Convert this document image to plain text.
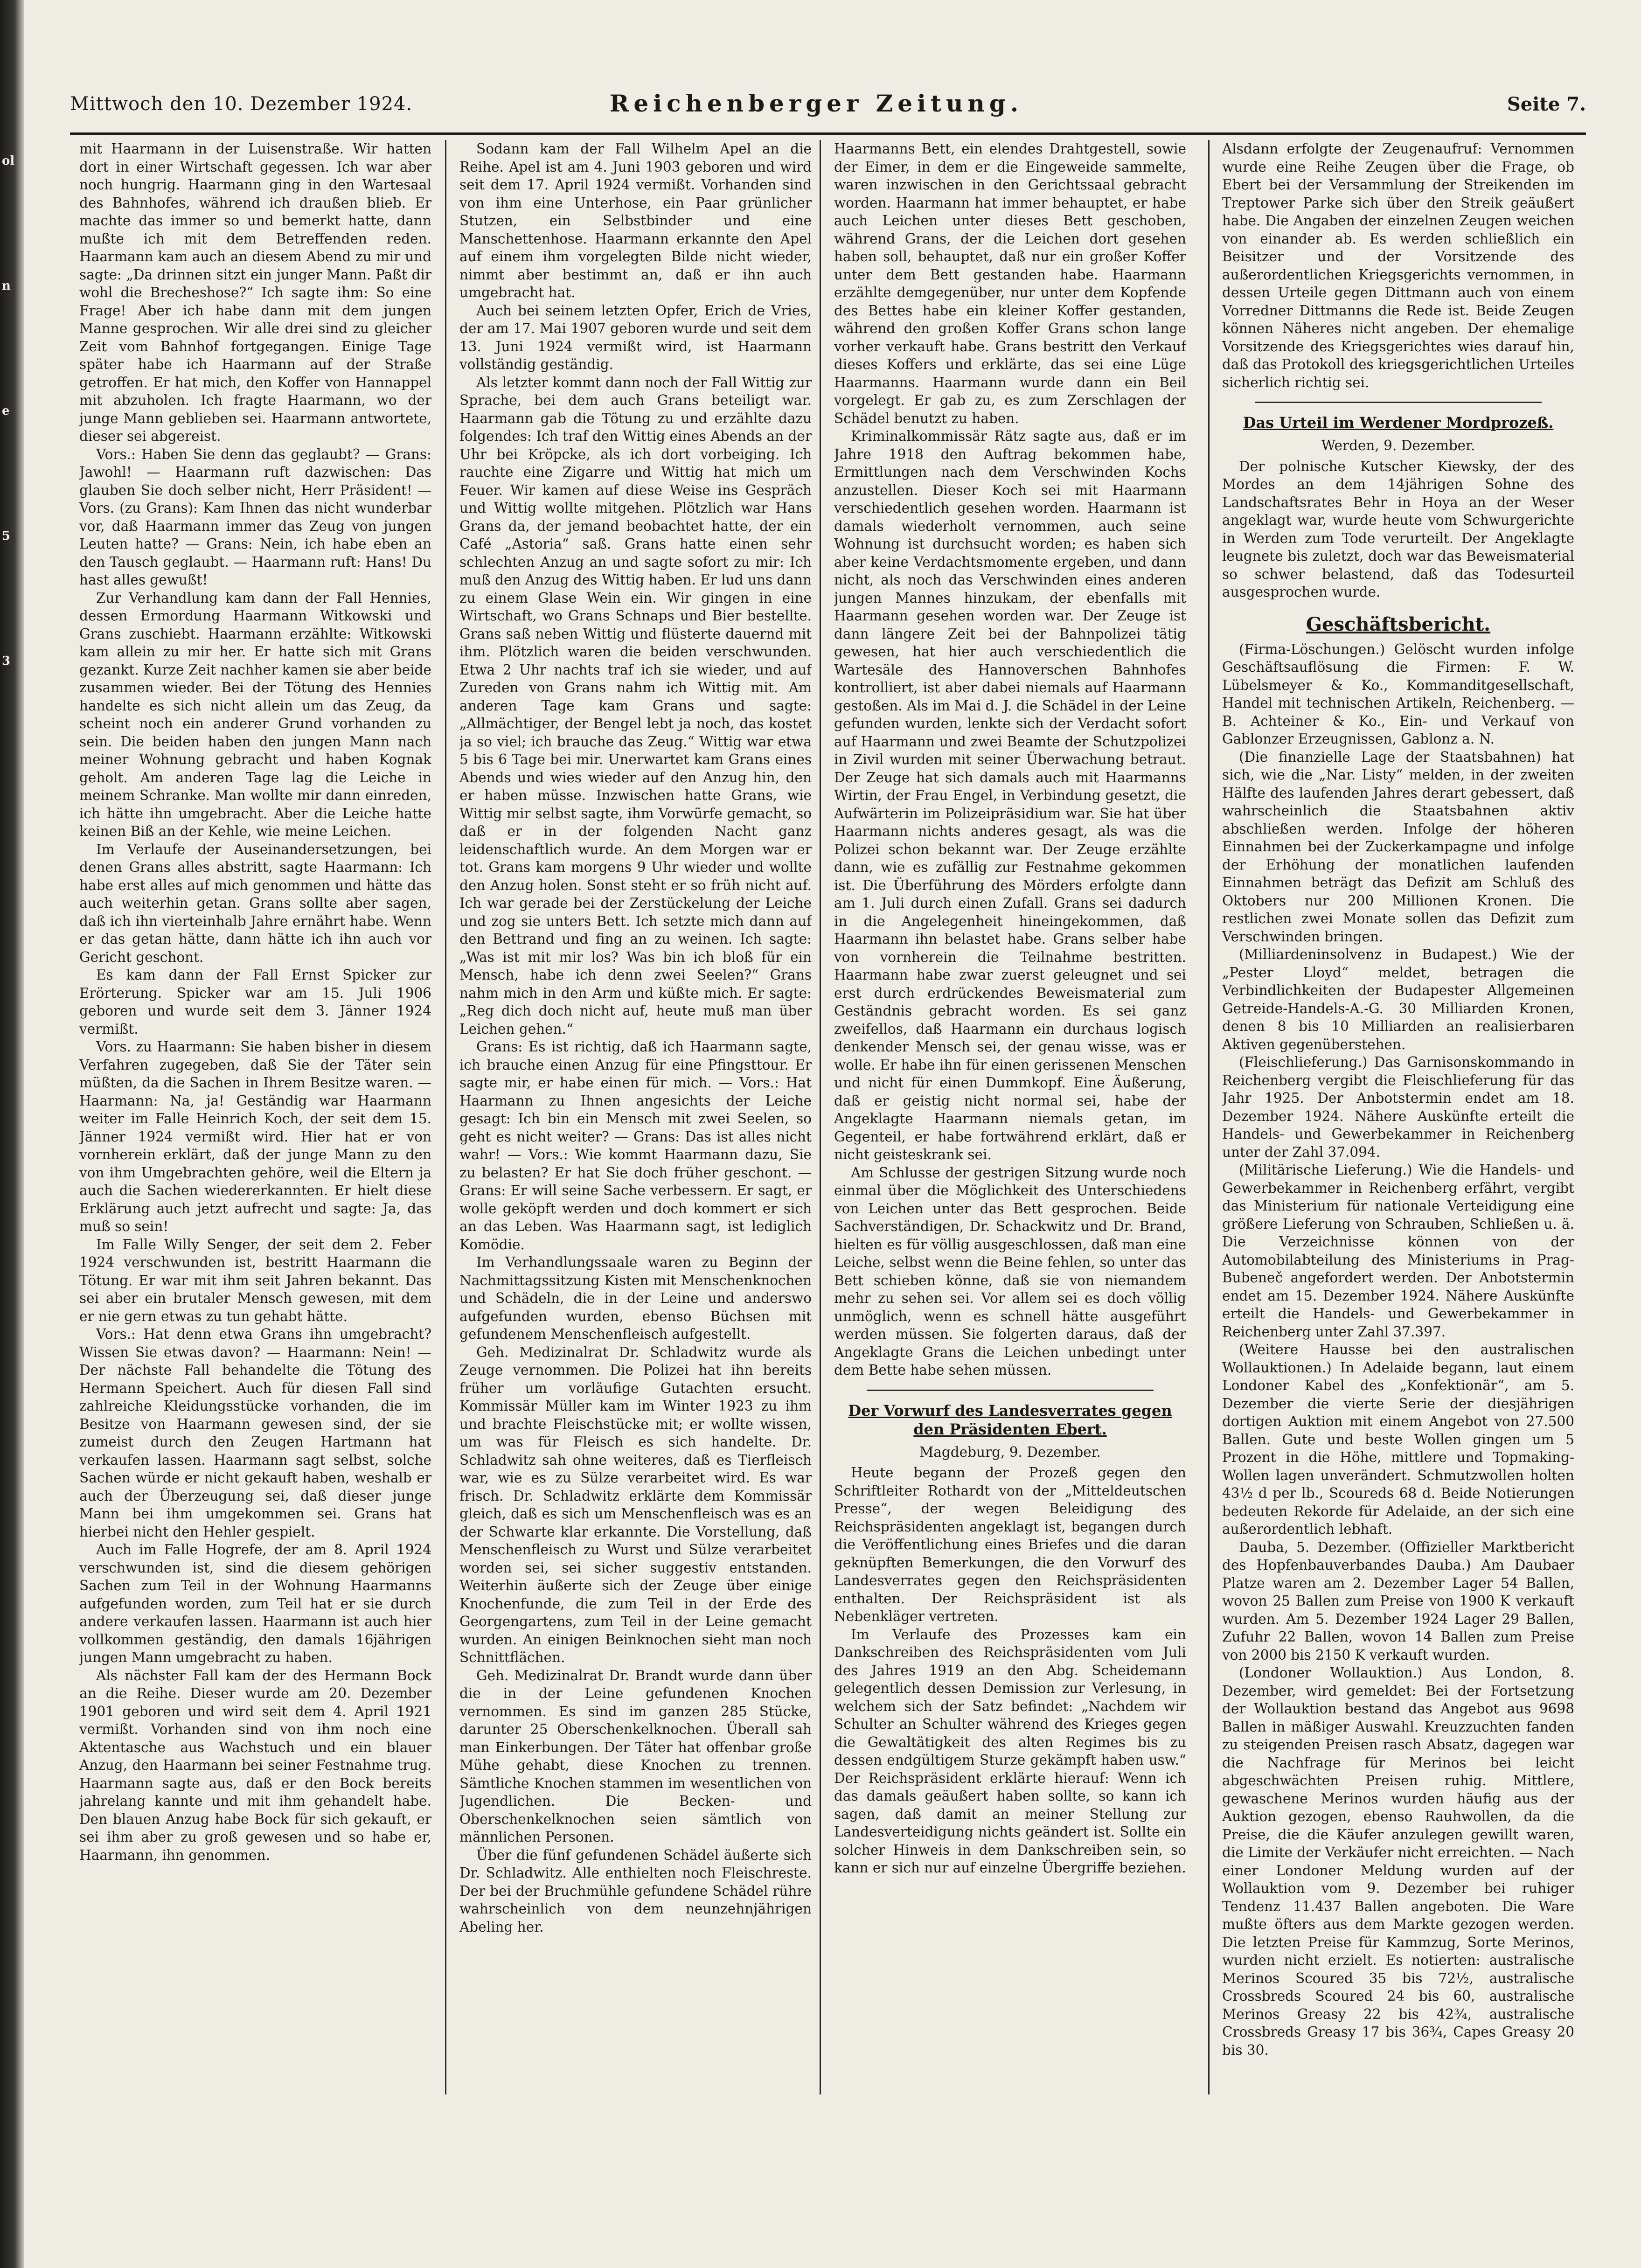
ol
n
e
5
3
Mittwoch den 10. Dezember 1924.	Reichenberger Zeitung.	Seite 7.

mit Haarmann in der Luisenstraße. Wir hatten dort in einer Wirtschaft gegessen. Ich war aber noch hungrig. Haarmann ging in den Wartesaal des Bahnhofes, während ich draußen blieb. Er machte das immer so und bemerkt hatte, dann mußte ich mit dem Betreffenden reden. Haarmann kam auch an diesem Abend zu mir und sagte: „Da drinnen sitzt ein junger Mann. Paßt dir wohl die Brecheshose?“ Ich sagte ihm: So eine Frage! Aber ich habe dann mit dem jungen Manne gesprochen. Wir alle drei sind zu gleicher Zeit vom Bahnhof fortgegangen. Einige Tage später habe ich Haarmann auf der Straße getroffen. Er hat mich, den Koffer von Hannappel mit abzuholen. Ich fragte Haarmann, wo der junge Mann geblieben sei. Haarmann antwortete, dieser sei abgereist.

Vors.: Haben Sie denn das geglaubt? — Grans: Jawohl! — Haarmann ruft dazwischen: Das glauben Sie doch selber nicht, Herr Präsident! — Vors. (zu Grans): Kam Ihnen das nicht wunderbar vor, daß Haarmann immer das Zeug von jungen Leuten hatte? — Grans: Nein, ich habe eben an den Tausch geglaubt. — Haarmann ruft: Hans! Du hast alles gewußt!

Zur Verhandlung kam dann der Fall Hennies, dessen Ermordung Haarmann Witkowski und Grans zuschiebt. Haarmann erzählte: Witkowski kam allein zu mir her. Er hatte sich mit Grans gezankt. Kurze Zeit nachher kamen sie aber beide zusammen wieder. Bei der Tötung des Hennies handelte es sich nicht allein um das Zeug, da scheint noch ein anderer Grund vorhanden zu sein. Die beiden haben den jungen Mann nach meiner Wohnung gebracht und haben Kognak geholt. Am anderen Tage lag die Leiche in meinem Schranke. Man wollte mir dann einreden, ich hätte ihn umgebracht. Aber die Leiche hatte keinen Biß an der Kehle, wie meine Leichen.

Im Verlaufe der Auseinandersetzungen, bei denen Grans alles abstritt, sagte Haarmann: Ich habe erst alles auf mich genommen und hätte das auch weiterhin getan. Grans sollte aber sagen, daß ich ihn vierteinhalb Jahre ernährt habe. Wenn er das getan hätte, dann hätte ich ihn auch vor Gericht geschont.

Es kam dann der Fall Ernst Spicker zur Erörterung. Spicker war am 15. Juli 1906 geboren und wurde seit dem 3. Jänner 1924 vermißt.

Vors. zu Haarmann: Sie haben bisher in diesem Verfahren zugegeben, daß Sie der Täter sein müßten, da die Sachen in Ihrem Besitze waren. — Haarmann: Na, ja! Geständig war Haarmann weiter im Falle Heinrich Koch, der seit dem 15. Jänner 1924 vermißt wird. Hier hat er von vornherein erklärt, daß der junge Mann zu den von ihm Umgebrachten gehöre, weil die Eltern ja auch die Sachen wiedererkannten. Er hielt diese Erklärung auch jetzt aufrecht und sagte: Ja, das muß so sein!

Im Falle Willy Senger, der seit dem 2. Feber 1924 verschwunden ist, bestritt Haarmann die Tötung. Er war mit ihm seit Jahren bekannt. Das sei aber ein brutaler Mensch gewesen, mit dem er nie gern etwas zu tun gehabt hätte.

Vors.: Hat denn etwa Grans ihn umgebracht? Wissen Sie etwas davon? — Haarmann: Nein! — Der nächste Fall behandelte die Tötung des Hermann Speichert. Auch für diesen Fall sind zahlreiche Kleidungsstücke vorhanden, die im Besitze von Haarmann gewesen sind, der sie zumeist durch den Zeugen Hartmann hat verkaufen lassen. Haarmann sagt selbst, solche Sachen würde er nicht gekauft haben, weshalb er auch der Überzeugung sei, daß dieser junge Mann bei ihm umgekommen sei. Grans hat hierbei nicht den Hehler gespielt.

Auch im Falle Hogrefe, der am 8. April 1924 verschwunden ist, sind die diesem gehörigen Sachen zum Teil in der Wohnung Haarmanns aufgefunden worden, zum Teil hat er sie durch andere verkaufen lassen. Haarmann ist auch hier vollkommen geständig, den damals 16jährigen jungen Mann umgebracht zu haben.

Als nächster Fall kam der des Hermann Bock an die Reihe. Dieser wurde am 20. Dezember 1901 geboren und wird seit dem 4. April 1921 vermißt. Vorhanden sind von ihm noch eine Aktentasche aus Wachstuch und ein blauer Anzug, den Haarmann bei seiner Festnahme trug. Haarmann sagte aus, daß er den Bock bereits jahrelang kannte und mit ihm gehandelt habe. Den blauen Anzug habe Bock für sich gekauft, er sei ihm aber zu groß gewesen und so habe er, Haarmann, ihn genommen.

Sodann kam der Fall Wilhelm Apel an die Reihe. Apel ist am 4. Juni 1903 geboren und wird seit dem 17. April 1924 vermißt. Vorhanden sind von ihm eine Unterhose, ein Paar grünlicher Stutzen, ein Selbstbinder und eine Manschettenhose. Haarmann erkannte den Apel auf einem ihm vorgelegten Bilde nicht wieder, nimmt aber bestimmt an, daß er ihn auch umgebracht hat.

Auch bei seinem letzten Opfer, Erich de Vries, der am 17. Mai 1907 geboren wurde und seit dem 13. Juni 1924 vermißt wird, ist Haarmann vollständig geständig.

Als letzter kommt dann noch der Fall Wittig zur Sprache, bei dem auch Grans beteiligt war. Haarmann gab die Tötung zu und erzählte dazu folgendes: Ich traf den Wittig eines Abends an der Uhr bei Kröpcke, als ich dort vorbeiging. Ich rauchte eine Zigarre und Wittig hat mich um Feuer. Wir kamen auf diese Weise ins Gespräch und Wittig wollte mitgehen. Plötzlich war Hans Grans da, der jemand beobachtet hatte, der ein Café „Astoria“ saß. Grans hatte einen sehr schlechten Anzug an und sagte sofort zu mir: Ich muß den Anzug des Wittig haben. Er lud uns dann zu einem Glase Wein ein. Wir gingen in eine Wirtschaft, wo Grans Schnaps und Bier bestellte. Grans saß neben Wittig und flüsterte dauernd mit ihm. Plötzlich waren die beiden verschwunden. Etwa 2 Uhr nachts traf ich sie wieder, und auf Zureden von Grans nahm ich Wittig mit. Am anderen Tage kam Grans und sagte: „Allmächtiger, der Bengel lebt ja noch, das kostet ja so viel; ich brauche das Zeug.“ Wittig war etwa 5 bis 6 Tage bei mir. Unerwartet kam Grans eines Abends und wies wieder auf den Anzug hin, den er haben müsse. Inzwischen hatte Grans, wie Wittig mir selbst sagte, ihm Vorwürfe gemacht, so daß er in der folgenden Nacht ganz leidenschaftlich wurde. An dem Morgen war er tot. Grans kam morgens 9 Uhr wieder und wollte den Anzug holen. Sonst steht er so früh nicht auf. Ich war gerade bei der Zerstückelung der Leiche und zog sie unters Bett. Ich setzte mich dann auf den Bettrand und fing an zu weinen. Ich sagte: „Was ist mit mir los? Was bin ich bloß für ein Mensch, habe ich denn zwei Seelen?“ Grans nahm mich in den Arm und küßte mich. Er sagte: „Reg dich doch nicht auf, heute muß man über Leichen gehen.“

Grans: Es ist richtig, daß ich Haarmann sagte, ich brauche einen Anzug für eine Pfingsttour. Er sagte mir, er habe einen für mich. — Vors.: Hat Haarmann zu Ihnen angesichts der Leiche gesagt: Ich bin ein Mensch mit zwei Seelen, so geht es nicht weiter? — Grans: Das ist alles nicht wahr! — Vors.: Wie kommt Haarmann dazu, Sie zu belasten? Er hat Sie doch früher geschont. — Grans: Er will seine Sache verbessern. Er sagt, er wolle geköpft werden und doch kommert er sich an das Leben. Was Haarmann sagt, ist lediglich Komödie.

Im Verhandlungssaale waren zu Beginn der Nachmittagssitzung Kisten mit Menschenknochen und Schädeln, die in der Leine und anderswo aufgefunden wurden, ebenso Büchsen mit gefundenem Menschenfleisch aufgestellt.

Geh. Medizinalrat Dr. Schladwitz wurde als Zeuge vernommen. Die Polizei hat ihn bereits früher um vorläufige Gutachten ersucht. Kommissär Müller kam im Winter 1923 zu ihm und brachte Fleischstücke mit; er wollte wissen, um was für Fleisch es sich handelte. Dr. Schladwitz sah ohne weiteres, daß es Tierfleisch war, wie es zu Sülze verarbeitet wird. Es war frisch. Dr. Schladwitz erklärte dem Kommissär gleich, daß es sich um Menschenfleisch was es an der Schwarte klar erkannte. Die Vorstellung, daß Menschenfleisch zu Wurst und Sülze verarbeitet worden sei, sei sicher suggestiv entstanden. Weiterhin äußerte sich der Zeuge über einige Knochenfunde, die zum Teil in der Erde des Georgengartens, zum Teil in der Leine gemacht wurden. An einigen Beinknochen sieht man noch Schnittflächen.

Geh. Medizinalrat Dr. Brandt wurde dann über die in der Leine gefundenen Knochen vernommen. Es sind im ganzen 285 Stücke, darunter 25 Oberschenkelknochen. Überall sah man Einkerbungen. Der Täter hat offenbar große Mühe gehabt, diese Knochen zu trennen. Sämtliche Knochen stammen im wesentlichen von Jugendlichen. Die Becken- und Oberschenkelknochen seien sämtlich von männlichen Personen.

Über die fünf gefundenen Schädel äußerte sich Dr. Schladwitz. Alle enthielten noch Fleischreste. Der bei der Bruchmühle gefundene Schädel rühre wahrscheinlich von dem neunzehnjährigen Abeling her.

Haarmanns Bett, ein elendes Drahtgestell, sowie der Eimer, in dem er die Eingeweide sammelte, waren inzwischen in den Gerichtssaal gebracht worden. Haarmann hat immer behauptet, er habe auch Leichen unter dieses Bett geschoben, während Grans, der die Leichen dort gesehen haben soll, behauptet, daß nur ein großer Koffer unter dem Bett gestanden habe. Haarmann erzählte demgegenüber, nur unter dem Kopfende des Bettes habe ein kleiner Koffer gestanden, während den großen Koffer Grans schon lange vorher verkauft habe. Grans bestritt den Verkauf dieses Koffers und erklärte, das sei eine Lüge Haarmanns. Haarmann wurde dann ein Beil vorgelegt. Er gab zu, es zum Zerschlagen der Schädel benutzt zu haben.

Kriminalkommissär Rätz sagte aus, daß er im Jahre 1918 den Auftrag bekommen habe, Ermittlungen nach dem Verschwinden Kochs anzustellen. Dieser Koch sei mit Haarmann verschiedentlich gesehen worden. Haarmann ist damals wiederholt vernommen, auch seine Wohnung ist durchsucht worden; es haben sich aber keine Verdachtsmomente ergeben, und dann nicht, als noch das Verschwinden eines anderen jungen Mannes hinzukam, der ebenfalls mit Haarmann gesehen worden war. Der Zeuge ist dann längere Zeit bei der Bahnpolizei tätig gewesen, hat hier auch verschiedentlich die Wartesäle des Hannoverschen Bahnhofes kontrolliert, ist aber dabei niemals auf Haarmann gestoßen. Als im Mai d. J. die Schädel in der Leine gefunden wurden, lenkte sich der Verdacht sofort auf Haarmann und zwei Beamte der Schutzpolizei in Zivil wurden mit seiner Überwachung betraut. Der Zeuge hat sich damals auch mit Haarmanns Wirtin, der Frau Engel, in Verbindung gesetzt, die Aufwärterin im Polizeipräsidium war. Sie hat über Haarmann nichts anderes gesagt, als was die Polizei schon bekannt war. Der Zeuge erzählte dann, wie es zufällig zur Festnahme gekommen ist. Die Überführung des Mörders erfolgte dann am 1. Juli durch einen Zufall. Grans sei dadurch in die Angelegenheit hineingekommen, daß Haarmann ihn belastet habe. Grans selber habe von vornherein die Teilnahme bestritten. Haarmann habe zwar zuerst geleugnet und sei erst durch erdrückendes Beweismaterial zum Geständnis gebracht worden. Es sei ganz zweifellos, daß Haarmann ein durchaus logisch denkender Mensch sei, der genau wisse, was er wolle. Er habe ihn für einen gerissenen Menschen und nicht für einen Dummkopf. Eine Äußerung, daß er geistig nicht normal sei, habe der Angeklagte Haarmann niemals getan, im Gegenteil, er habe fortwährend erklärt, daß er nicht geisteskrank sei.

Am Schlusse der gestrigen Sitzung wurde noch einmal über die Möglichkeit des Unterschiedens von Leichen unter das Bett gesprochen. Beide Sachverständigen, Dr. Schackwitz und Dr. Brand, hielten es für völlig ausgeschlossen, daß man eine Leiche, selbst wenn die Beine fehlen, so unter das Bett schieben könne, daß sie von niemandem mehr zu sehen sei. Vor allem sei es doch völlig unmöglich, wenn es schnell hätte ausgeführt werden müssen. Sie folgerten daraus, daß der Angeklagte Grans die Leichen unbedingt unter dem Bette habe sehen müssen.

Der Vorwurf des Landesverrates gegen den Präsidenten Ebert.
Magdeburg, 9. Dezember.

Heute begann der Prozeß gegen den Schriftleiter Rothardt von der „Mitteldeutschen Presse“, der wegen Beleidigung des Reichspräsidenten angeklagt ist, begangen durch die Veröffentlichung eines Briefes und die daran geknüpften Bemerkungen, die den Vorwurf des Landesverrates gegen den Reichspräsidenten enthalten. Der Reichspräsident ist als Nebenkläger vertreten.

Im Verlaufe des Prozesses kam ein Dankschreiben des Reichspräsidenten vom Juli des Jahres 1919 an den Abg. Scheidemann gelegentlich dessen Demission zur Verlesung, in welchem sich der Satz befindet: „Nachdem wir Schulter an Schulter während des Krieges gegen die Gewaltätigkeit des alten Regimes bis zu dessen endgültigem Sturze gekämpft haben usw.“ Der Reichspräsident erklärte hierauf: Wenn ich das damals geäußert haben sollte, so kann ich sagen, daß damit an meiner Stellung zur Landesverteidigung nichts geändert ist. Sollte ein solcher Hinweis in dem Dankschreiben sein, so kann er sich nur auf einzelne Übergriffe beziehen.

Alsdann erfolgte der Zeugenaufruf: Vernommen wurde eine Reihe Zeugen über die Frage, ob Ebert bei der Versammlung der Streikenden im Treptower Parke sich über den Streik geäußert habe. Die Angaben der einzelnen Zeugen weichen von einander ab. Es werden schließlich ein Beisitzer und der Vorsitzende des außerordentlichen Kriegsgerichts vernommen, in dessen Urteile gegen Dittmann auch von einem Vorredner Dittmanns die Rede ist. Beide Zeugen können Näheres nicht angeben. Der ehemalige Vorsitzende des Kriegsgerichtes wies darauf hin, daß das Protokoll des kriegsgerichtlichen Urteiles sicherlich richtig sei.

Das Urteil im Werdener Mordprozeß.
Werden, 9. Dezember.

Der polnische Kutscher Kiewsky, der des Mordes an dem 14jährigen Sohne des Landschaftsrates Behr in Hoya an der Weser angeklagt war, wurde heute vom Schwurgerichte in Werden zum Tode verurteilt. Der Angeklagte leugnete bis zuletzt, doch war das Beweismaterial so schwer belastend, daß das Todesurteil ausgesprochen wurde.

Geschäftsbericht.

(Firma-Löschungen.) Gelöscht wurden infolge Geschäftsauflösung die Firmen: F. W. Lübelsmeyer & Ko., Kommanditgesellschaft, Handel mit technischen Artikeln, Reichenberg. — B. Achteiner & Ko., Ein- und Verkauf von Gablonzer Erzeugnissen, Gablonz a. N.

(Die finanzielle Lage der Staatsbahnen) hat sich, wie die „Nar. Listy“ melden, in der zweiten Hälfte des laufenden Jahres derart gebessert, daß wahrscheinlich die Staatsbahnen aktiv abschließen werden. Infolge der höheren Einnahmen bei der Zuckerkampagne und infolge der Erhöhung der monatlichen laufenden Einnahmen beträgt das Defizit am Schluß des Oktobers nur 200 Millionen Kronen. Die restlichen zwei Monate sollen das Defizit zum Verschwinden bringen.

(Milliardeninsolvenz in Budapest.) Wie der „Pester Lloyd“ meldet, betragen die Verbindlichkeiten der Budapester Allgemeinen Getreide-Handels-A.-G. 30 Milliarden Kronen, denen 8 bis 10 Milliarden an realisierbaren Aktiven gegenüberstehen.

(Fleischlieferung.) Das Garnisonskommando in Reichenberg vergibt die Fleischlieferung für das Jahr 1925. Der Anbotstermin endet am 18. Dezember 1924. Nähere Auskünfte erteilt die Handels- und Gewerbekammer in Reichenberg unter der Zahl 37.094.

(Militärische Lieferung.) Wie die Handels- und Gewerbekammer in Reichenberg erfährt, vergibt das Ministerium für nationale Verteidigung eine größere Lieferung von Schrauben, Schließen u. ä. Die Verzeichnisse können von der Automobilabteilung des Ministeriums in Prag-Bubeneč angefordert werden. Der Anbotstermin endet am 15. Dezember 1924. Nähere Auskünfte erteilt die Handels- und Gewerbekammer in Reichenberg unter Zahl 37.397.

(Weitere Hausse bei den australischen Wollauktionen.) In Adelaide begann, laut einem Londoner Kabel des „Konfektionär“, am 5. Dezember die vierte Serie der diesjährigen dortigen Auktion mit einem Angebot von 27.500 Ballen. Gute und beste Wollen gingen um 5 Prozent in die Höhe, mittlere und Topmaking-Wollen lagen unverändert. Schmutzwollen holten 43½ d per lb., Scoureds 68 d. Beide Notierungen bedeuten Rekorde für Adelaide, an der sich eine außerordentlich lebhaft.

Dauba, 5. Dezember. (Offizieller Marktbericht des Hopfenbauverbandes Dauba.) Am Daubaer Platze waren am 2. Dezember Lager 54 Ballen, wovon 25 Ballen zum Preise von 1900 K verkauft wurden. Am 5. Dezember 1924 Lager 29 Ballen, Zufuhr 22 Ballen, wovon 14 Ballen zum Preise von 2000 bis 2150 K verkauft wurden.

(Londoner Wollauktion.) Aus London, 8. Dezember, wird gemeldet: Bei der Fortsetzung der Wollauktion bestand das Angebot aus 9698 Ballen in mäßiger Auswahl. Kreuzzuchten fanden zu steigenden Preisen rasch Absatz, dagegen war die Nachfrage für Merinos bei leicht abgeschwächten Preisen ruhig. Mittlere, gewaschene Merinos wurden häufig aus der Auktion gezogen, ebenso Rauhwollen, da die Preise, die die Käufer anzulegen gewillt waren, die Limite der Verkäufer nicht erreichten. — Nach einer Londoner Meldung wurden auf der Wollauktion vom 9. Dezember bei ruhiger Tendenz 11.437 Ballen angeboten. Die Ware mußte öfters aus dem Markte gezogen werden. Die letzten Preise für Kammzug, Sorte Merinos, wurden nicht erzielt. Es notierten: australische Merinos Scoured 35 bis 72½, australische Crossbreds Scoured 24 bis 60, australische Merinos Greasy 22 bis 42¾, australische Crossbreds Greasy 17 bis 36¾, Capes Greasy 20 bis 30.
